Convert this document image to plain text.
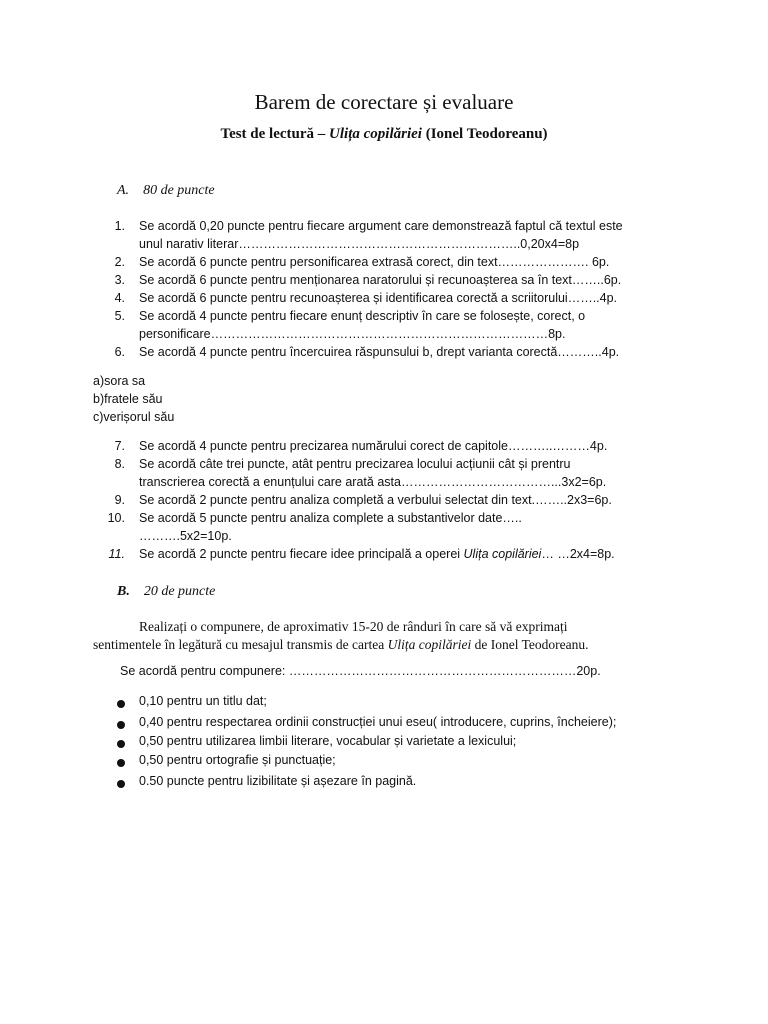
Barem de corectare și evaluare
Test de lectură – Ulița copilăriei (Ionel Teodoreanu)
A. 80 de puncte
1. Se acordă 0,20 puncte pentru fiecare argument care demonstrează faptul că textul este
unul narativ literar…………………………………………………………..0,20x4=8p
2. Se acordă 6 puncte pentru personificarea extrasă corect, din text…………………. 6p.
3. Se acordă 6 puncte pentru menționarea naratorului și recunoașterea sa în text……..6p.
4. Se acordă 6 puncte pentru recunoașterea și identificarea corectă a scriitorului……..4p.
5. Se acordă 4 puncte pentru fiecare enunț descriptiv în care se folosește, corect, o
personificare………………………………………………………………………8p.
6. Se acordă 4 puncte pentru încercuirea răspunsului b, drept varianta corectă………..4p.
a)sora sa
b)fratele său
c)verișorul său
7. Se acordă 4 puncte pentru precizarea numărului corect de capitole………..………4p.
8. Se acordă câte trei puncte, atât pentru precizarea locului acțiunii cât și prentru
transcrierea corectă a enunțului care arată asta………………………………...3x2=6p.
9. Se acordă 2 puncte pentru analiza completă a verbului selectat din text.……..2x3=6p.
10. Se acordă 5 puncte pentru analiza complete a substantivelor date…..
……….5x2=10p.
11. Se acordă 2 puncte pentru fiecare idee principală a operei Ulița copilăriei… …2x4=8p.
B. 20 de puncte
Realizați o compunere, de aproximativ 15-20 de rânduri în care să vă exprimați
sentimentele în legătură cu mesajul transmis de cartea Ulița copilăriei de Ionel Teodoreanu.
Se acordă pentru compunere: ……………………………………………………………20p.
0,10 pentru un titlu dat;
0,40 pentru respectarea ordinii construcției unui eseu( introducere, cuprins, încheiere);
0,50 pentru utilizarea limbii literare, vocabular și varietate a lexicului;
0,50 pentru ortografie și punctuație;
0.50 puncte pentru lizibilitate și așezare în pagină.
